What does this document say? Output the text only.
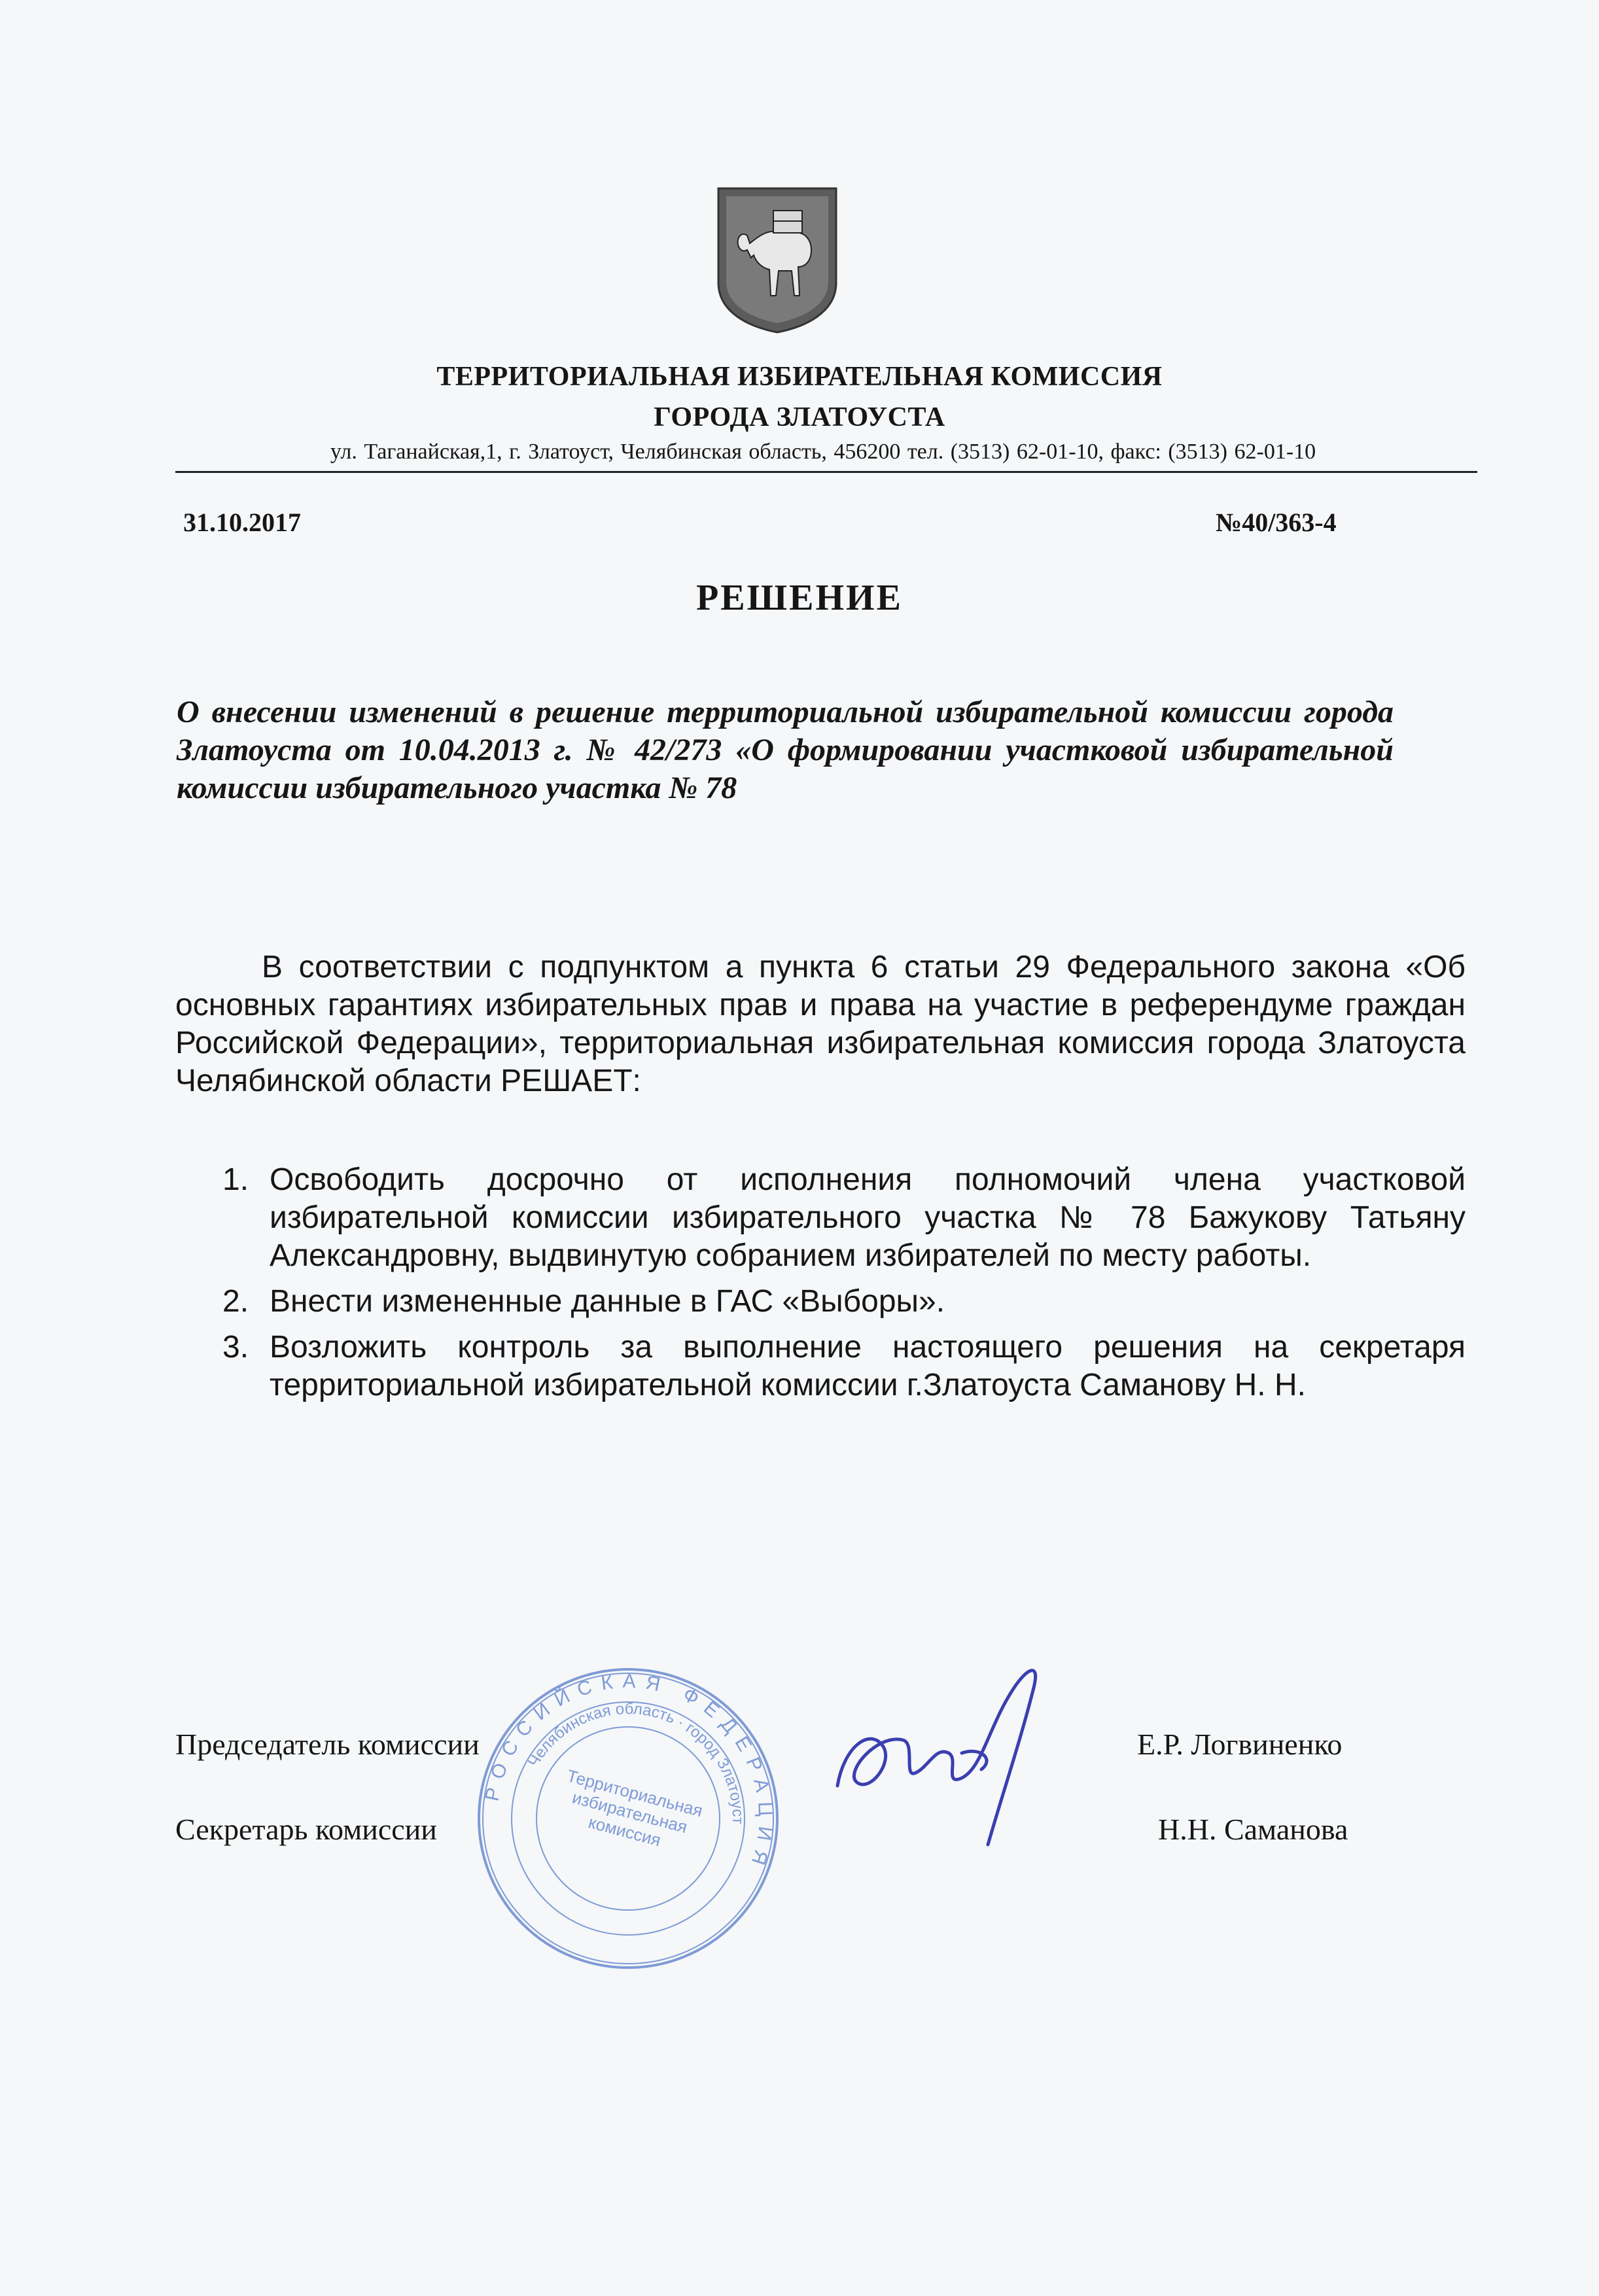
ТЕРРИТОРИАЛЬНАЯ ИЗБИРАТЕЛЬНАЯ КОМИССИЯ
ГОРОДА ЗЛАТОУСТА
ул. Таганайская,1, г. Златоуст, Челябинская область, 456200 тел. (3513) 62-01-10, факс: (3513) 62-01-10
31.10.2017	№40/363-4
РЕШЕНИЕ
О внесении изменений в решение территориальной избирательной комиссии города Златоуста от 10.04.2013 г. № 42/273 «О формировании участковой избирательной комиссии избирательного участка № 78
В соответствии с подпунктом а пункта 6 статьи 29 Федерального закона «Об основных гарантиях избирательных прав и права на участие в референдуме граждан Российской Федерации», территориальная избирательная комиссия города Златоуста Челябинской области РЕШАЕТ:
1. Освободить досрочно от исполнения полномочий члена участковой избирательной комиссии избирательного участка № 78 Бажукову Татьяну Александровну, выдвинутую собранием избирателей по месту работы.
2. Внести измененные данные в ГАС «Выборы».
3. Возложить контроль за выполнение настоящего решения на секретаря территориальной избирательной комиссии г.Златоуста Саманову Н. Н.
РОССИЙСКАЯ ФЕДЕРАЦИЯ
Челябинская область · город Златоуст
Территориальная избирательная комиссия
Председатель комиссии	Е.Р. Логвиненко
Секретарь комиссии	Н.Н. Саманова
